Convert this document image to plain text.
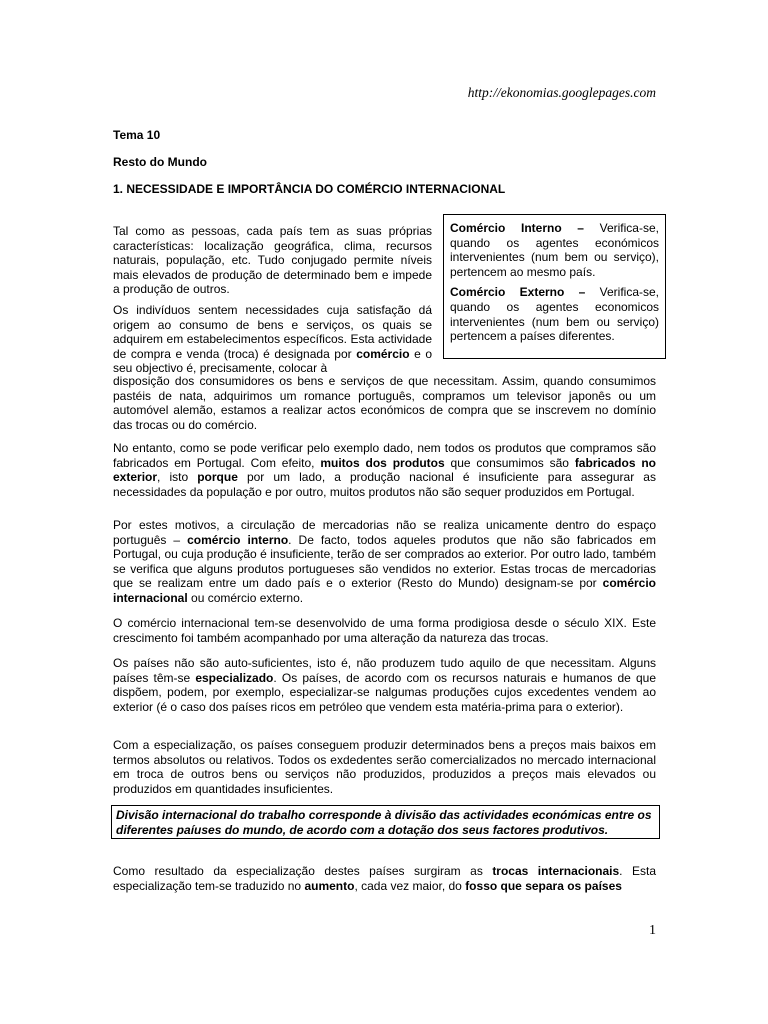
http://ekonomias.googlepages.com
Tema 10
Resto do Mundo
1. NECESSIDADE E IMPORTÂNCIA DO COMÉRCIO INTERNACIONAL

Comércio Interno – Verifica-se, quando os agentes económicos intervenientes (num bem ou serviço), pertencem ao mesmo país.

Comércio Externo – Verifica-se, quando os agentes economicos intervenientes (num bem ou serviço) pertencem a países diferentes.

Tal como as pessoas, cada país tem as suas próprias características: localização geográfica, clima, recursos naturais, população, etc. Tudo conjugado permite níveis mais elevados de produção de determinado bem e impede a produção de outros.
Os indivíduos sentem necessidades cuja satisfação dá origem ao consumo de bens e serviços, os quais se adquirem em estabelecimentos específicos. Esta actividade de compra e venda (troca) é designada por comércio e o seu objectivo é, precisamente, colocar à
disposição dos consumidores os bens e serviços de que necessitam. Assim, quando consumimos pastéis de nata, adquirimos um romance português, compramos um televisor japonês ou um automóvel alemão, estamos a realizar actos económicos de compra que se inscrevem no domínio das trocas ou do comércio.
No entanto, como se pode verificar pelo exemplo dado, nem todos os produtos que compramos são fabricados em Portugal. Com efeito, muitos dos produtos que consumimos são fabricados no exterior, isto porque por um lado, a produção nacional é insuficiente para assegurar as necessidades da população e por outro, muitos produtos não são sequer produzidos em Portugal.
Por estes motivos, a circulação de mercadorias não se realiza unicamente dentro do espaço português – comércio interno. De facto, todos aqueles produtos que não são fabricados em Portugal, ou cuja produção é insuficiente, terão de ser comprados ao exterior. Por outro lado, também se verifica que alguns produtos portugueses são vendidos no exterior. Estas trocas de mercadorias que se realizam entre um dado país e o exterior (Resto do Mundo) designam-se por comércio internacional ou comércio externo.
O comércio internacional tem-se desenvolvido de uma forma prodigiosa desde o século XIX. Este crescimento foi também acompanhado por uma alteração da natureza das trocas.
Os países não são auto-suficientes, isto é, não produzem tudo aquilo de que necessitam. Alguns países têm-se especializado. Os países, de acordo com os recursos naturais e humanos de que dispõem, podem, por exemplo, especializar-se nalgumas produções cujos excedentes vendem ao exterior (é o caso dos países ricos em petróleo que vendem esta matéria-prima para o exterior).
Com a especialização, os países conseguem produzir determinados bens a preços mais baixos em termos absolutos ou relativos. Todos os exdedentes serão comercializados no mercado internacional em troca de outros bens ou serviços não produzidos, produzidos a preços mais elevados ou produzidos em quantidades insuficientes.
Divisão internacional do trabalho corresponde à divisão das actividades económicas entre os diferentes paíuses do mundo, de acordo com a dotação dos seus factores produtivos.
Como resultado da especialização destes países surgiram as trocas internacionais. Esta especialização tem-se traduzido no aumento, cada vez maior, do fosso que separa os países
1
